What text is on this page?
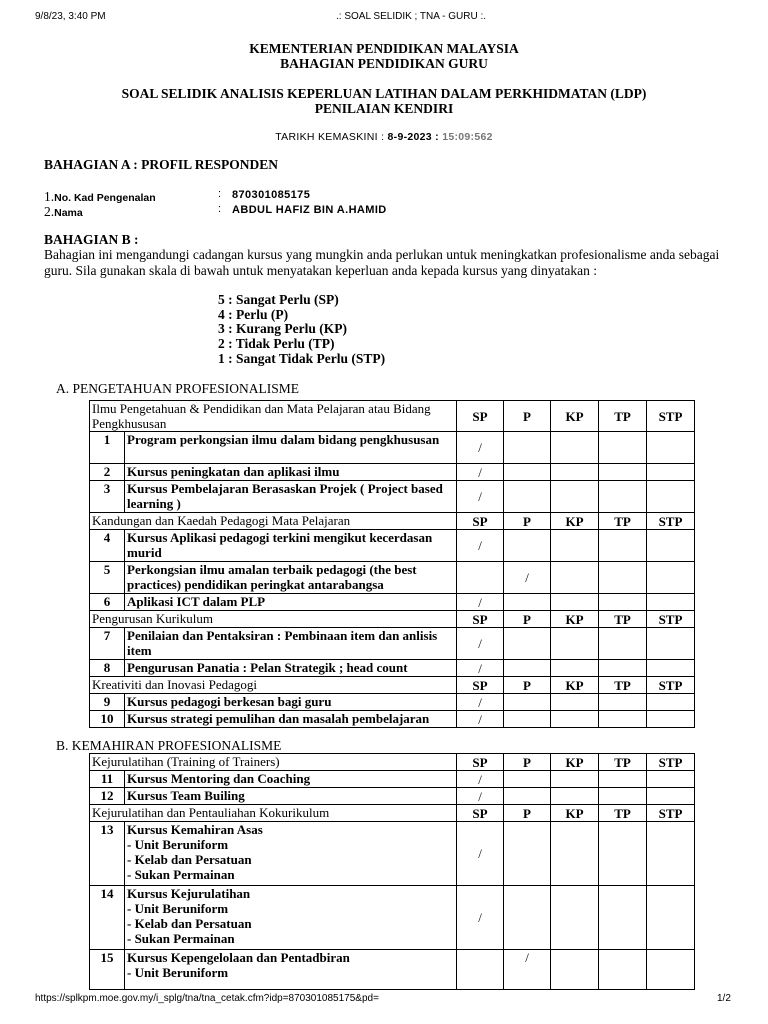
9/8/23, 3:40 PM	.: SOAL SELIDIK ; TNA - GURU :.
KEMENTERIAN PENDIDIKAN MALAYSIA
BAHAGIAN PENDIDIKAN GURU
SOAL SELIDIK ANALISIS KEPERLUAN LATIHAN DALAM PERKHIDMATAN (LDP)
PENILAIAN KENDIRI
TARIKH KEMASKINI : 8-9-2023 : 15:09:562
BAHAGIAN A : PROFIL RESPONDEN
1.No. Kad Pengenalan	: 870301085175
2.Nama	: ABDUL HAFIZ BIN A.HAMID
BAHAGIAN B :
Bahagian ini mengandungi cadangan kursus yang mungkin anda perlukan untuk meningkatkan profesionalisme anda sebagai guru. Sila gunakan skala di bawah untuk menyatakan keperluan anda kepada kursus yang dinyatakan :
5 : Sangat Perlu (SP)
4 : Perlu (P)
3 : Kurang Perlu (KP)
2 : Tidak Perlu (TP)
1 : Sangat Tidak Perlu (STP)
A. PENGETAHUAN PROFESIONALISME
Ilmu Pengetahuan & Pendidikan dan Mata Pelajaran atau Bidang Pengkhususan		SP	P	KP	TP	STP
1	Program perkongsian ilmu dalam bidang pengkhususan	/				
2	Kursus peningkatan dan aplikasi ilmu	/				
3	Kursus Pembelajaran Berasaskan Projek ( Project based learning )	/				
Kandungan dan Kaedah Pedagogi Mata Pelajaran		SP	P	KP	TP	STP
4	Kursus Aplikasi pedagogi terkini mengikut kecerdasan murid	/				
5	Perkongsian ilmu amalan terbaik pedagogi (the best practices) pendidikan peringkat antarabangsa		/			
6	Aplikasi ICT dalam PLP	/				
Pengurusan Kurikulum		SP	P	KP	TP	STP
7	Penilaian dan Pentaksiran : Pembinaan item dan anlisis item	/				
8	Pengurusan Panatia : Pelan Strategik ; head count	/				
Kreativiti dan Inovasi Pedagogi		SP	P	KP	TP	STP
9	Kursus pedagogi berkesan bagi guru	/				
10	Kursus strategi pemulihan dan masalah pembelajaran	/				
B. KEMAHIRAN PROFESIONALISME
Kejurulatihan (Training of Trainers)		SP	P	KP	TP	STP
11	Kursus Mentoring dan Coaching	/				
12	Kursus Team Builing	/				
Kejurulatihan dan Pentauliahan Kokurikulum		SP	P	KP	TP	STP
13	Kursus Kemahiran Asas
- Unit Beruniform
- Kelab dan Persatuan
- Sukan Permainan	/				
14	Kursus Kejurulatihan
- Unit Beruniform
- Kelab dan Persatuan
- Sukan Permainan	/				
15	Kursus Kepengelolaan dan Pentadbiran
- Unit Beruniform		/			
https://splkpm.moe.gov.my/i_splg/tna/tna_cetak.cfm?idp=870301085175&pd=	1/2
